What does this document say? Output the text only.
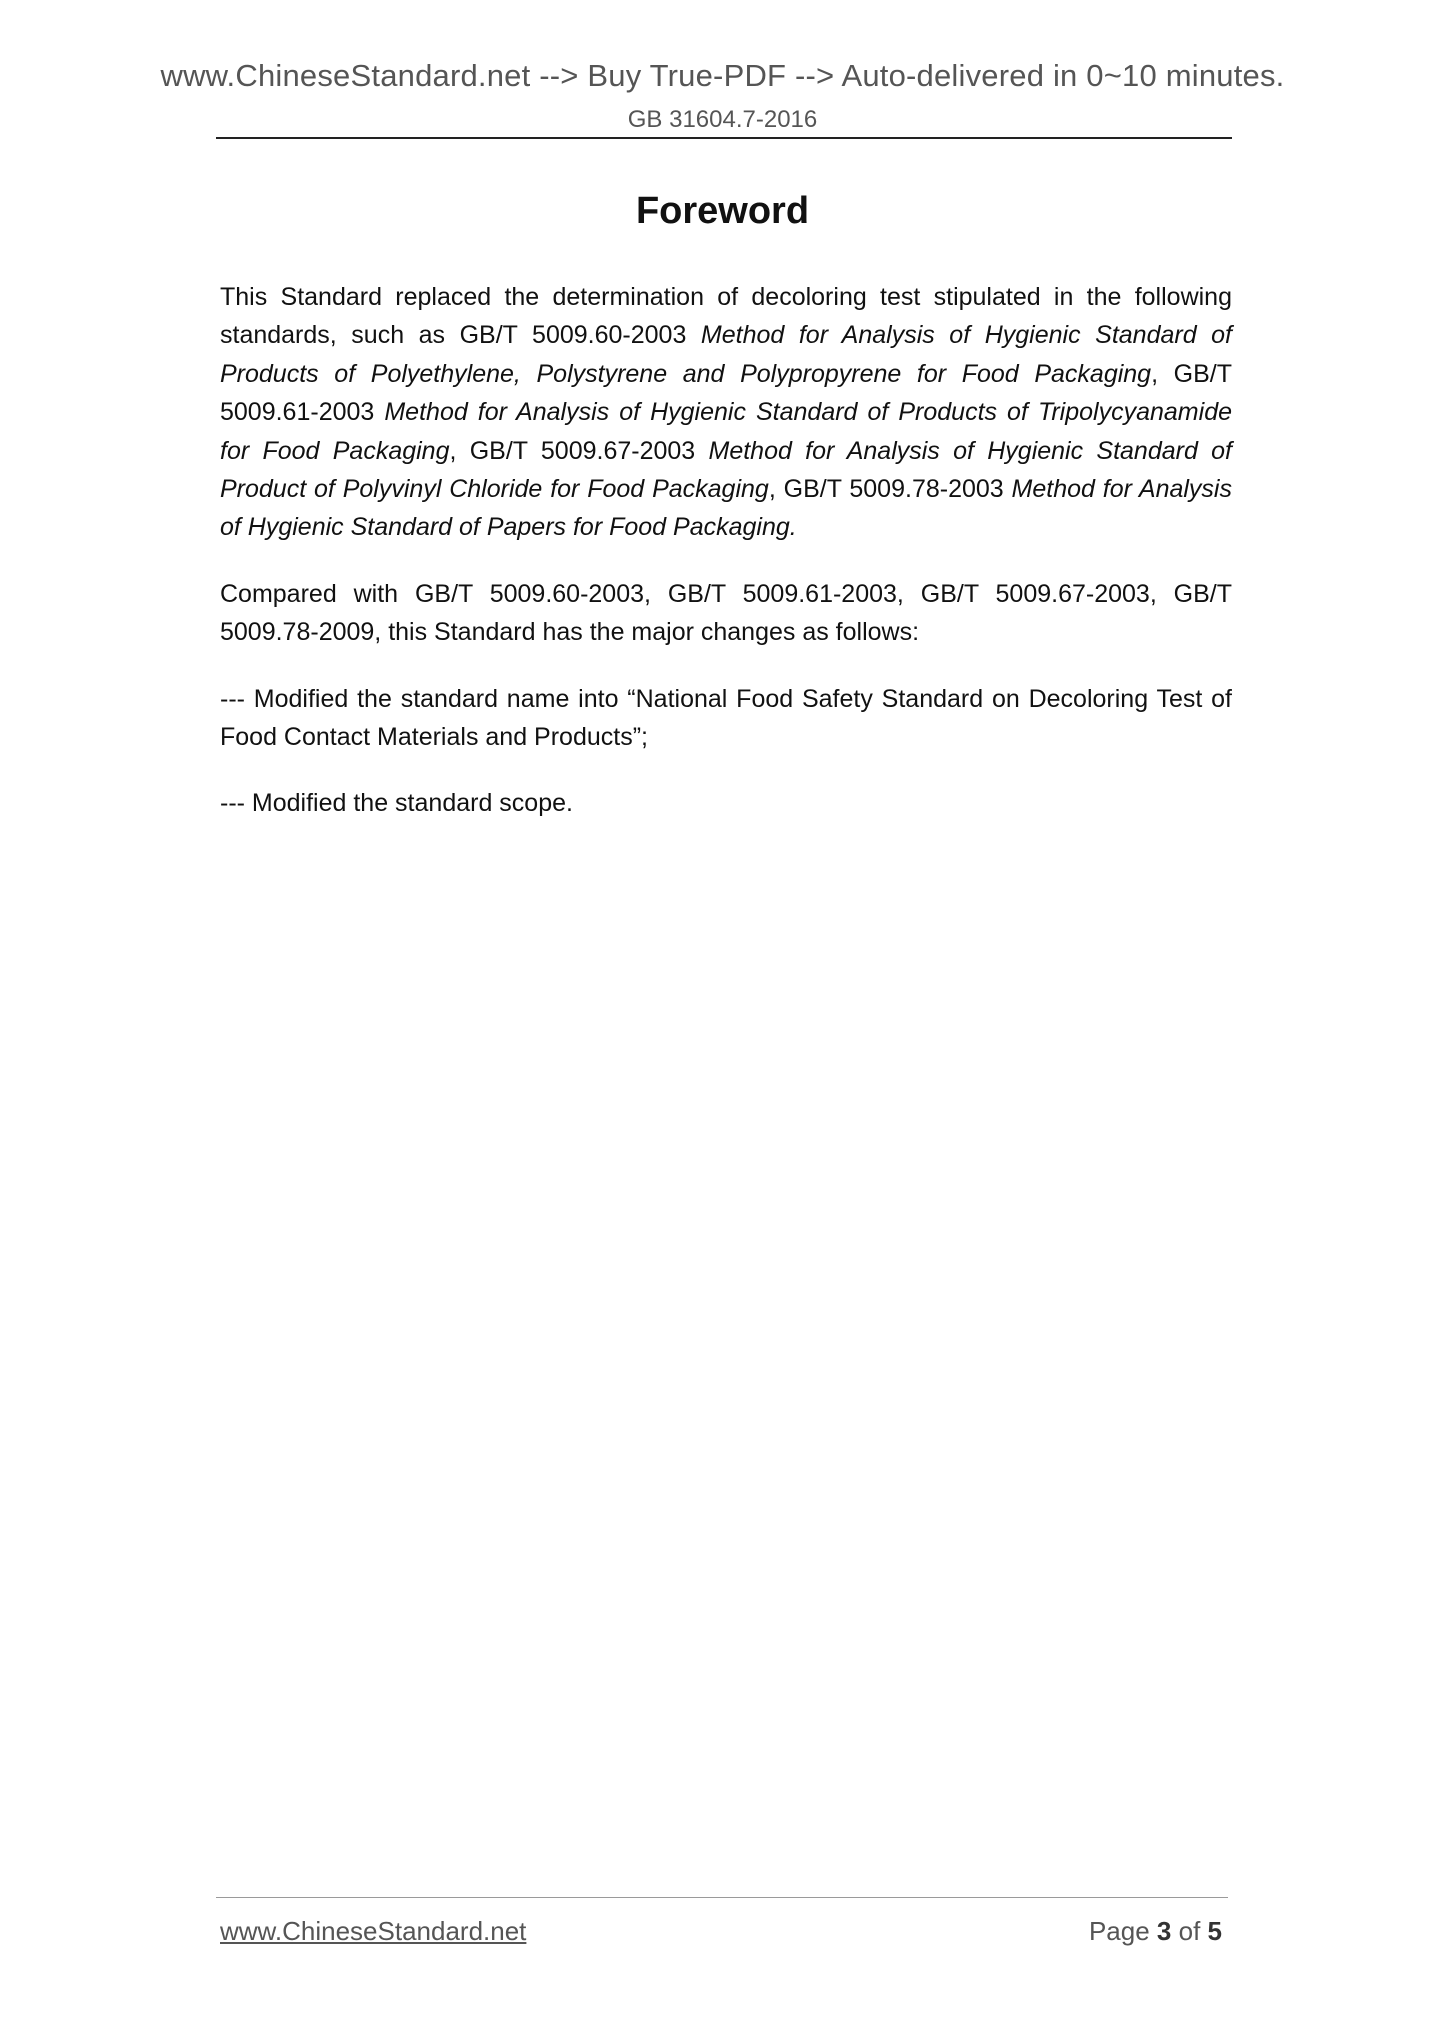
www.ChineseStandard.net --> Buy True-PDF --> Auto-delivered in 0~10 minutes.
GB 31604.7-2016
Foreword

This Standard replaced the determination of decoloring test stipulated in the following standards, such as GB/T 5009.60-2003 Method for Analysis of Hygienic Standard of Products of Polyethylene, Polystyrene and Polypropyrene for Food Packaging, GB/T 5009.61-2003 Method for Analysis of Hygienic Standard of Products of Tripolycyanamide for Food Packaging, GB/T 5009.67-2003 Method for Analysis of Hygienic Standard of Product of Polyvinyl Chloride for Food Packaging, GB/T 5009.78-2003 Method for Analysis of Hygienic Standard of Papers for Food Packaging.

Compared with GB/T 5009.60-2003, GB/T 5009.61-2003, GB/T 5009.67-2003, GB/T 5009.78-2009, this Standard has the major changes as follows:

--- Modified the standard name into “National Food Safety Standard on Decoloring Test of Food Contact Materials and Products”;

--- Modified the standard scope.

www.ChineseStandard.net	Page 3 of 5
